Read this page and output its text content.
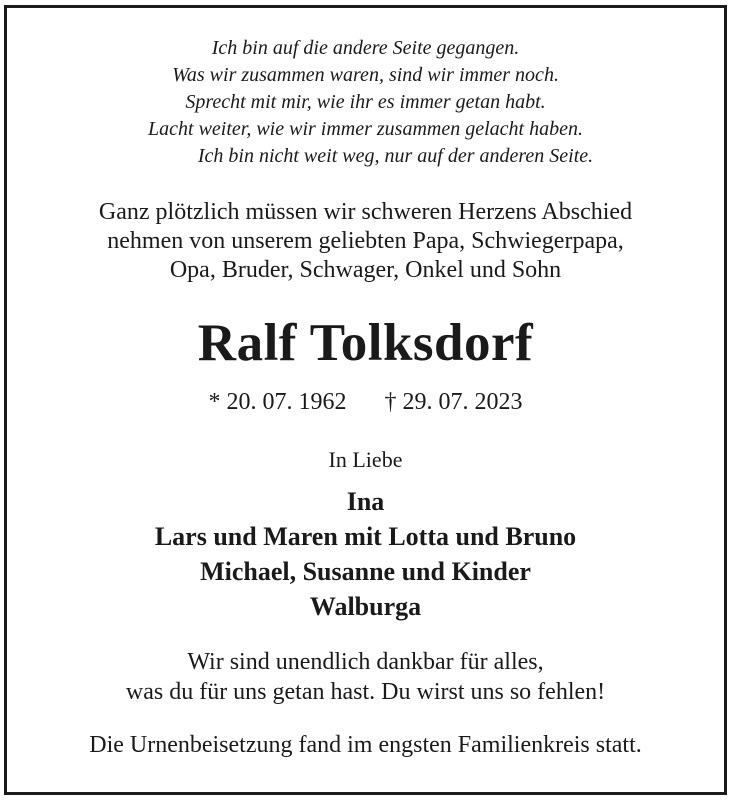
Ich bin auf die andere Seite gegangen.
Was wir zusammen waren, sind wir immer noch.
Sprecht mit mir, wie ihr es immer getan habt.
Lacht weiter, wie wir immer zusammen gelacht haben.
Ich bin nicht weit weg, nur auf der anderen Seite.
Ganz plötzlich müssen wir schweren Herzens Abschied
nehmen von unserem geliebten Papa, Schwiegerpapa,
Opa, Bruder, Schwager, Onkel und Sohn
Ralf Tolksdorf
* 20. 07. 1962 † 29. 07. 2023
In Liebe
Ina
Lars und Maren mit Lotta und Bruno
Michael, Susanne und Kinder
Walburga
Wir sind unendlich dankbar für alles,
was du für uns getan hast. Du wirst uns so fehlen!
Die Urnenbeisetzung fand im engsten Familienkreis statt.
